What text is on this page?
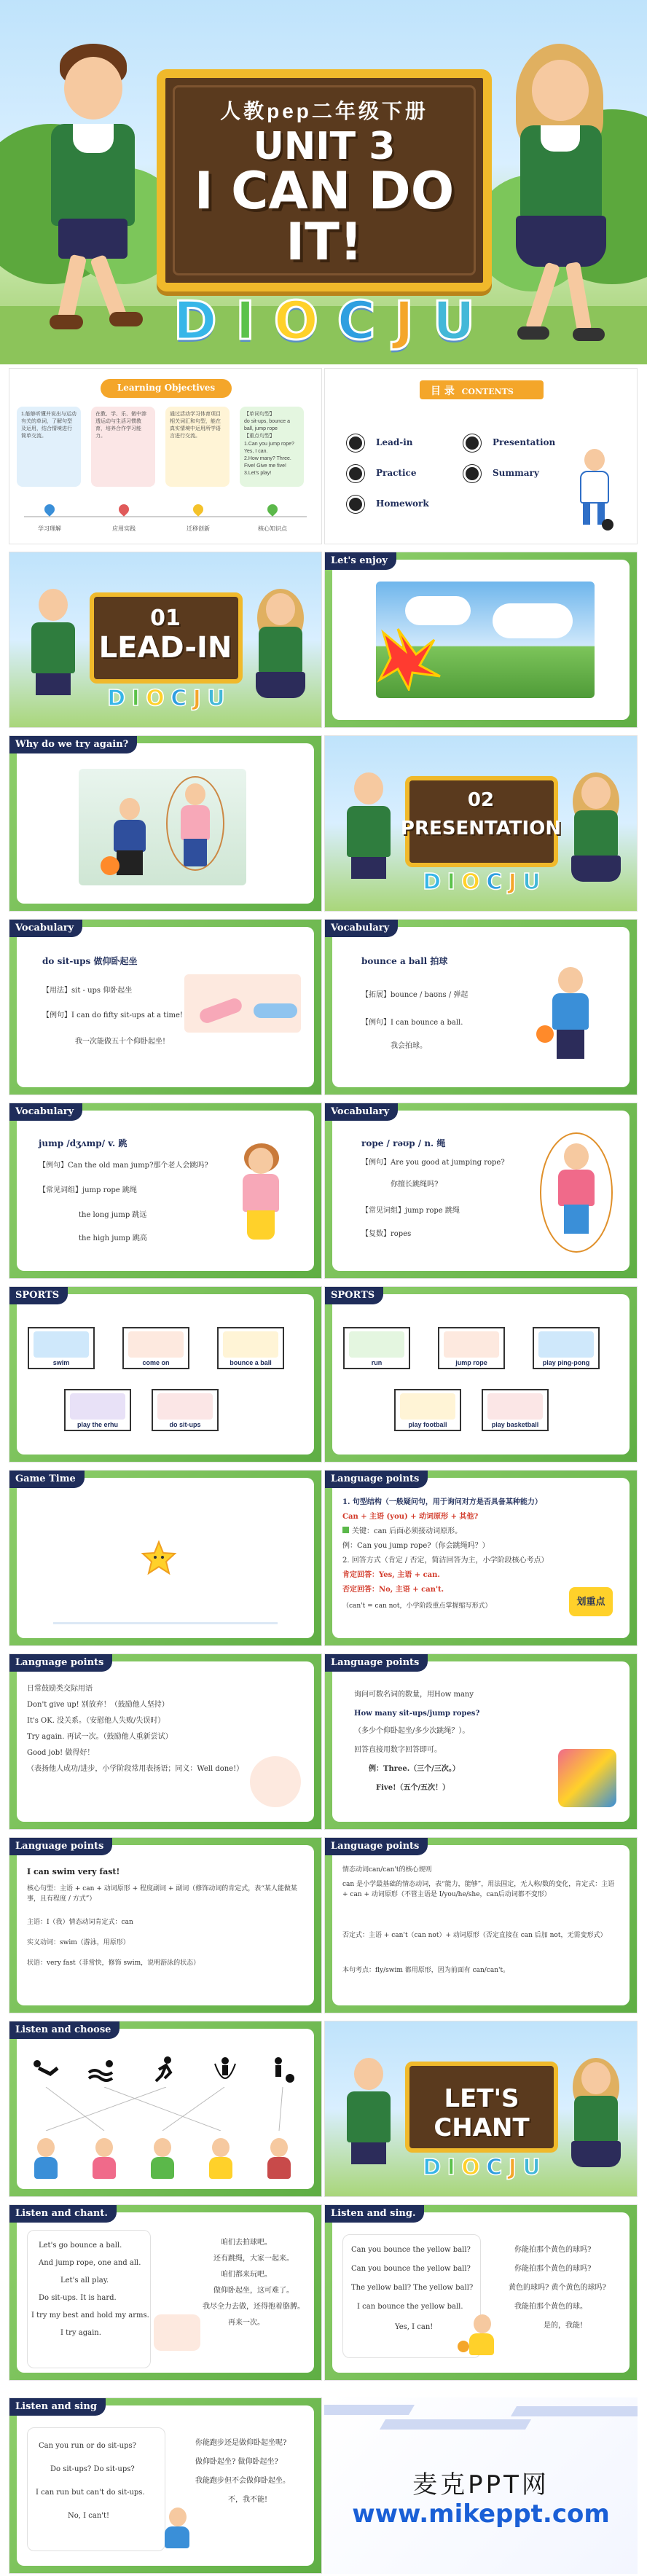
人教pep二年级下册
UNIT 3
I CAN DO IT!
D I O C J U
Learning Objectives
1.能够听懂并说出与运动有关的单词，了解句型及运用，结合情境进行简单交流。
在教、学、乐、做中渗透运动与生活习惯教育，培养合作学习能力。
通过活动学习体育项目相关词汇和句型，能在真实情境中运用所学语言进行交流。
【单词句型】
do sit-ups, bounce a ball, jump rope
【重点句型】
1.Can you jump rope? Yes, I can.
2.How many? Three. Five! Give me five!
3.Let's play!
学习理解	应用实践	迁移创新	核心知识点
目 录 CONTENTS
Lead-in	Presentation
Practice	Summary
Homework
01
LEAD-IN
D I O C J U
Let's enjoy
Why do we try again?
02
PRESENTATION
D I O C J U
Vocabulary
do sit-ups 做仰卧起坐
【用法】sit - ups 仰卧起坐
【例句】I can do fifty sit-ups at a time!
我一次能做五十个仰卧起坐!
Vocabulary
bounce a ball 拍球
【拓展】bounce / baʊns / 弹起
【例句】I can bounce a ball.
我会拍球。
Vocabulary
jump /dʒʌmp/ v. 跳
【例句】Can the old man jump?那个老人会跳吗?
【常见词组】jump rope 跳绳
the long jump 跳远
the high jump 跳高
Vocabulary
rope / rəʊp / n. 绳
【例句】Are you good at jumping rope?
你擅长跳绳吗?
【常见词组】jump rope 跳绳
【复数】ropes
SPORTS
swim	come on	bounce a ball
play the erhu	do sit-ups
SPORTS
run	jump rope	play ping-pong
play football	play basketball
Game Time	Language points
1. 句型结构（一般疑问句，用于询问对方是否具备某种能力）
Can + 主语 (you) + 动词原形 + 其他?
关键：can 后面必须接动词原形。
例：Can you jump rope?（你会跳绳吗？）
2. 回答方式（肯定 / 否定，简洁回答为主，小学阶段核心考点）
肯定回答：Yes, 主语 + can.
否定回答：No, 主语 + can't.
（can't = can not，小学阶段重点掌握缩写形式）	划重点
Language points
日常鼓励类交际用语
Don't give up! 别放弃！（鼓励他人坚持）
It's OK. 没关系。（安慰他人失败/失误时）
Try again. 再试一次。（鼓励他人重新尝试）
Good job! 做得好！
（表扬他人成功/进步，小学阶段常用表扬语；同义：Well done!）
Language points
询问可数名词的数量，用How many
How many sit-ups/jump ropes?
（多少个仰卧起坐/多少次跳绳？）。
回答直接用数字回答即可。
例：Three.（三个/三次。）
Five!（五个/五次！）
Language points
I can swim very fast!
核心句型：主语 + can + 动词原形 + 程度副词 + 副词（修饰动词的肯定式，表“某人能做某事，且有程度 / 方式”）
主语：I（我）情态动词肯定式：can
实义动词：swim（游泳，用原形）
状语：very fast（非常快，修饰 swim，说明游泳的状态）
Language points
情态动词can/can't的核心规则
can 是小学最基础的情态动词，表“能力，能够”，用法固定，无人称/数的变化，肯定式：主语 + can + 动词原形（不管主语是 I/you/he/she，can后动词都不变形）
否定式：主语 + can't（can not）+ 动词原形（否定直接在 can 后加 not，无需变形式）
本句考点：fly/swim 都用原形，因为前面有 can/can't。
Listen and choose
LET'S CHANT
D I O C J U
Listen and chant.
Let's go bounce a ball.
And jump rope, one and all.
Let's all play.
Do sit-ups. It is hard.
I try my best and hold my arms.
I try again.
咱们去拍球吧。
还有跳绳，大家一起来。
咱们都来玩吧。
做仰卧起坐，这可难了。
我尽全力去做，还得抱着胳膊。
再来一次。
Listen and sing.
Can you bounce the yellow ball?
Can you bounce the yellow ball?
The yellow ball? The yellow ball?
I can bounce the yellow ball.
Yes, I can!
你能拍那个黄色的球吗?
你能拍那个黄色的球吗?
黄色的球吗? 黄个黄色的球吗?
我能拍那个黄色的球。
是的，我能!
Listen and sing
Can you run or do sit-ups?
Do sit-ups? Do sit-ups?
I can run but can't do sit-ups.
No, I can't!
你能跑步还是做仰卧起坐呢?
做仰卧起坐? 做仰卧起坐?
我能跑步但不会做仰卧起坐。
不，我不能!
麦克PPT网
www.mikeppt.com
